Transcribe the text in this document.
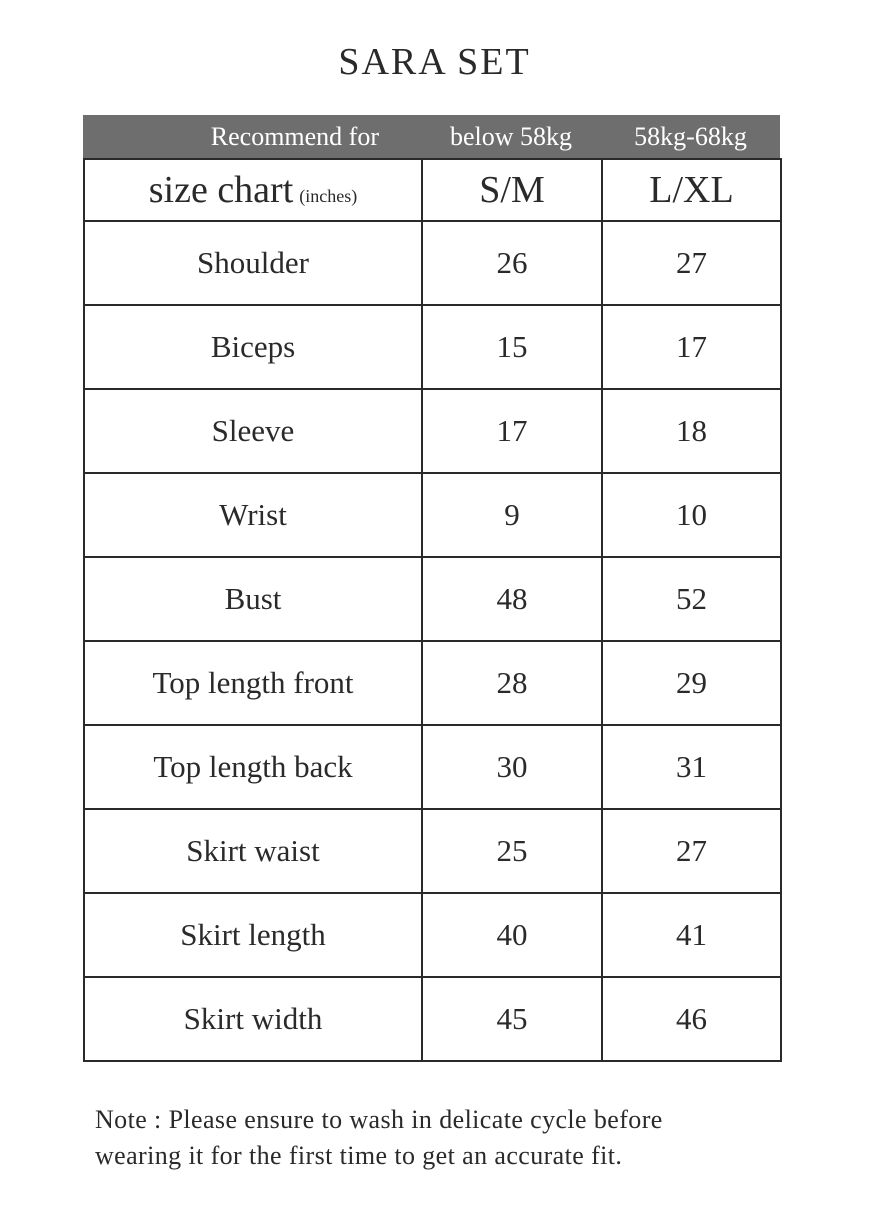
SARA SET
Recommend for	below 58kg	58kg-68kg
size chart (inches)	S/M	L/XL
Shoulder	26	27
Biceps	15	17
Sleeve	17	18
Wrist	9	10
Bust	48	52
Top length front	28	29
Top length back	30	31
Skirt waist	25	27
Skirt length	40	41
Skirt width	45	46
Note : Please ensure to wash in delicate cycle before
wearing it for the first time to get an accurate fit.
